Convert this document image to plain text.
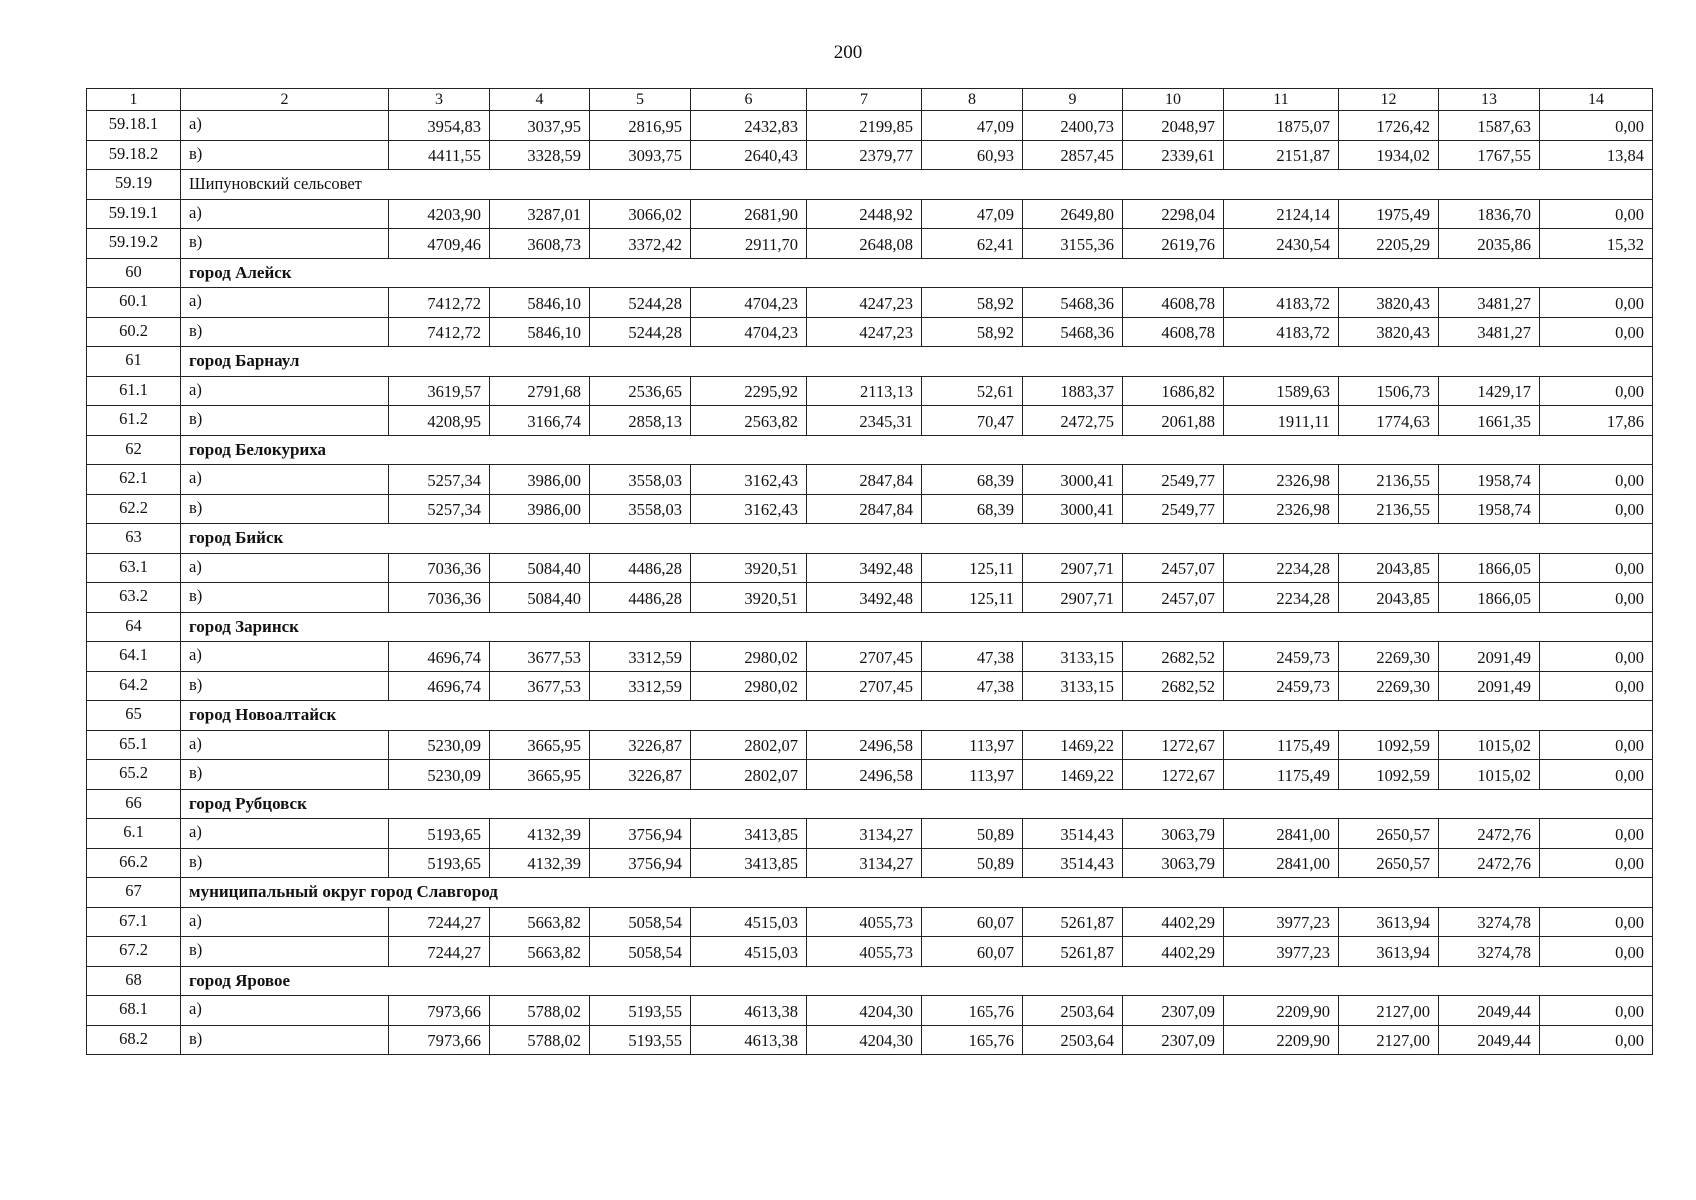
200
1	2	3	4	5	6	7	8	9	10	11	12	13	14
59.18.1	а)	3954,83	3037,95	2816,95	2432,83	2199,85	47,09	2400,73	2048,97	1875,07	1726,42	1587,63	0,00
59.18.2	в)	4411,55	3328,59	3093,75	2640,43	2379,77	60,93	2857,45	2339,61	2151,87	1934,02	1767,55	13,84
59.19	Шипуновский сельсовет												
59.19.1	а)	4203,90	3287,01	3066,02	2681,90	2448,92	47,09	2649,80	2298,04	2124,14	1975,49	1836,70	0,00
59.19.2	в)	4709,46	3608,73	3372,42	2911,70	2648,08	62,41	3155,36	2619,76	2430,54	2205,29	2035,86	15,32
60	город Алейск												
60.1	а)	7412,72	5846,10	5244,28	4704,23	4247,23	58,92	5468,36	4608,78	4183,72	3820,43	3481,27	0,00
60.2	в)	7412,72	5846,10	5244,28	4704,23	4247,23	58,92	5468,36	4608,78	4183,72	3820,43	3481,27	0,00
61	город Барнаул												
61.1	а)	3619,57	2791,68	2536,65	2295,92	2113,13	52,61	1883,37	1686,82	1589,63	1506,73	1429,17	0,00
61.2	в)	4208,95	3166,74	2858,13	2563,82	2345,31	70,47	2472,75	2061,88	1911,11	1774,63	1661,35	17,86
62	город Белокуриха												
62.1	а)	5257,34	3986,00	3558,03	3162,43	2847,84	68,39	3000,41	2549,77	2326,98	2136,55	1958,74	0,00
62.2	в)	5257,34	3986,00	3558,03	3162,43	2847,84	68,39	3000,41	2549,77	2326,98	2136,55	1958,74	0,00
63	город Бийск												
63.1	а)	7036,36	5084,40	4486,28	3920,51	3492,48	125,11	2907,71	2457,07	2234,28	2043,85	1866,05	0,00
63.2	в)	7036,36	5084,40	4486,28	3920,51	3492,48	125,11	2907,71	2457,07	2234,28	2043,85	1866,05	0,00
64	город Заринск												
64.1	а)	4696,74	3677,53	3312,59	2980,02	2707,45	47,38	3133,15	2682,52	2459,73	2269,30	2091,49	0,00
64.2	в)	4696,74	3677,53	3312,59	2980,02	2707,45	47,38	3133,15	2682,52	2459,73	2269,30	2091,49	0,00
65	город Новоалтайск												
65.1	а)	5230,09	3665,95	3226,87	2802,07	2496,58	113,97	1469,22	1272,67	1175,49	1092,59	1015,02	0,00
65.2	в)	5230,09	3665,95	3226,87	2802,07	2496,58	113,97	1469,22	1272,67	1175,49	1092,59	1015,02	0,00
66	город Рубцовск												
6.1	а)	5193,65	4132,39	3756,94	3413,85	3134,27	50,89	3514,43	3063,79	2841,00	2650,57	2472,76	0,00
66.2	в)	5193,65	4132,39	3756,94	3413,85	3134,27	50,89	3514,43	3063,79	2841,00	2650,57	2472,76	0,00
67	муниципальный округ город Славгород												
67.1	а)	7244,27	5663,82	5058,54	4515,03	4055,73	60,07	5261,87	4402,29	3977,23	3613,94	3274,78	0,00
67.2	в)	7244,27	5663,82	5058,54	4515,03	4055,73	60,07	5261,87	4402,29	3977,23	3613,94	3274,78	0,00
68	город Яровое												
68.1	а)	7973,66	5788,02	5193,55	4613,38	4204,30	165,76	2503,64	2307,09	2209,90	2127,00	2049,44	0,00
68.2	в)	7973,66	5788,02	5193,55	4613,38	4204,30	165,76	2503,64	2307,09	2209,90	2127,00	2049,44	0,00
